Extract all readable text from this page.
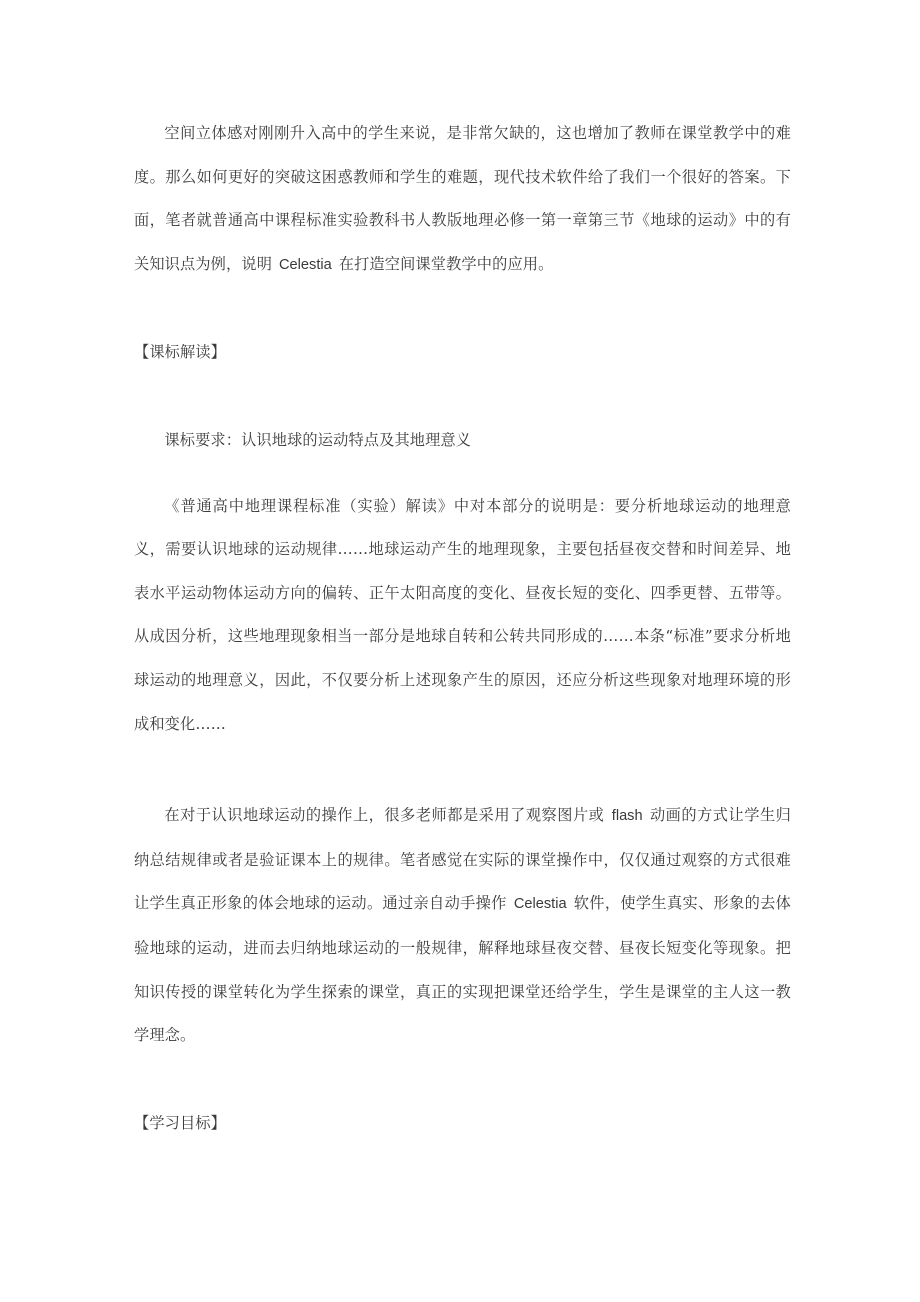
空间立体感对刚刚升入高中的学生来说，是非常欠缺的，这也增加了教师在课堂教学中的难度。那么如何更好的突破这困惑教师和学生的难题，现代技术软件给了我们一个很好的答案。下面，笔者就普通高中课程标准实验教科书人教版地理必修一第一章第三节《地球的运动》中的有关知识点为例，说明 Celestia 在打造空间课堂教学中的应用。

【课标解读】

课标要求：认识地球的运动特点及其地理意义

《普通高中地理课程标准（实验）解读》中对本部分的说明是：要分析地球运动的地理意义，需要认识地球的运动规律……地球运动产生的地理现象，主要包括昼夜交替和时间差异、地表水平运动物体运动方向的偏转、正午太阳高度的变化、昼夜长短的变化、四季更替、五带等。从成因分析，这些地理现象相当一部分是地球自转和公转共同形成的……本条“标准”要求分析地球运动的地理意义，因此，不仅要分析上述现象产生的原因，还应分析这些现象对地理环境的形成和变化……

在对于认识地球运动的操作上，很多老师都是采用了观察图片或 flash 动画的方式让学生归纳总结规律或者是验证课本上的规律。笔者感觉在实际的课堂操作中，仅仅通过观察的方式很难让学生真正形象的体会地球的运动。通过亲自动手操作 Celestia 软件，使学生真实、形象的去体验地球的运动，进而去归纳地球运动的一般规律，解释地球昼夜交替、昼夜长短变化等现象。把知识传授的课堂转化为学生探索的课堂，真正的实现把课堂还给学生，学生是课堂的主人这一教学理念。

【学习目标】
